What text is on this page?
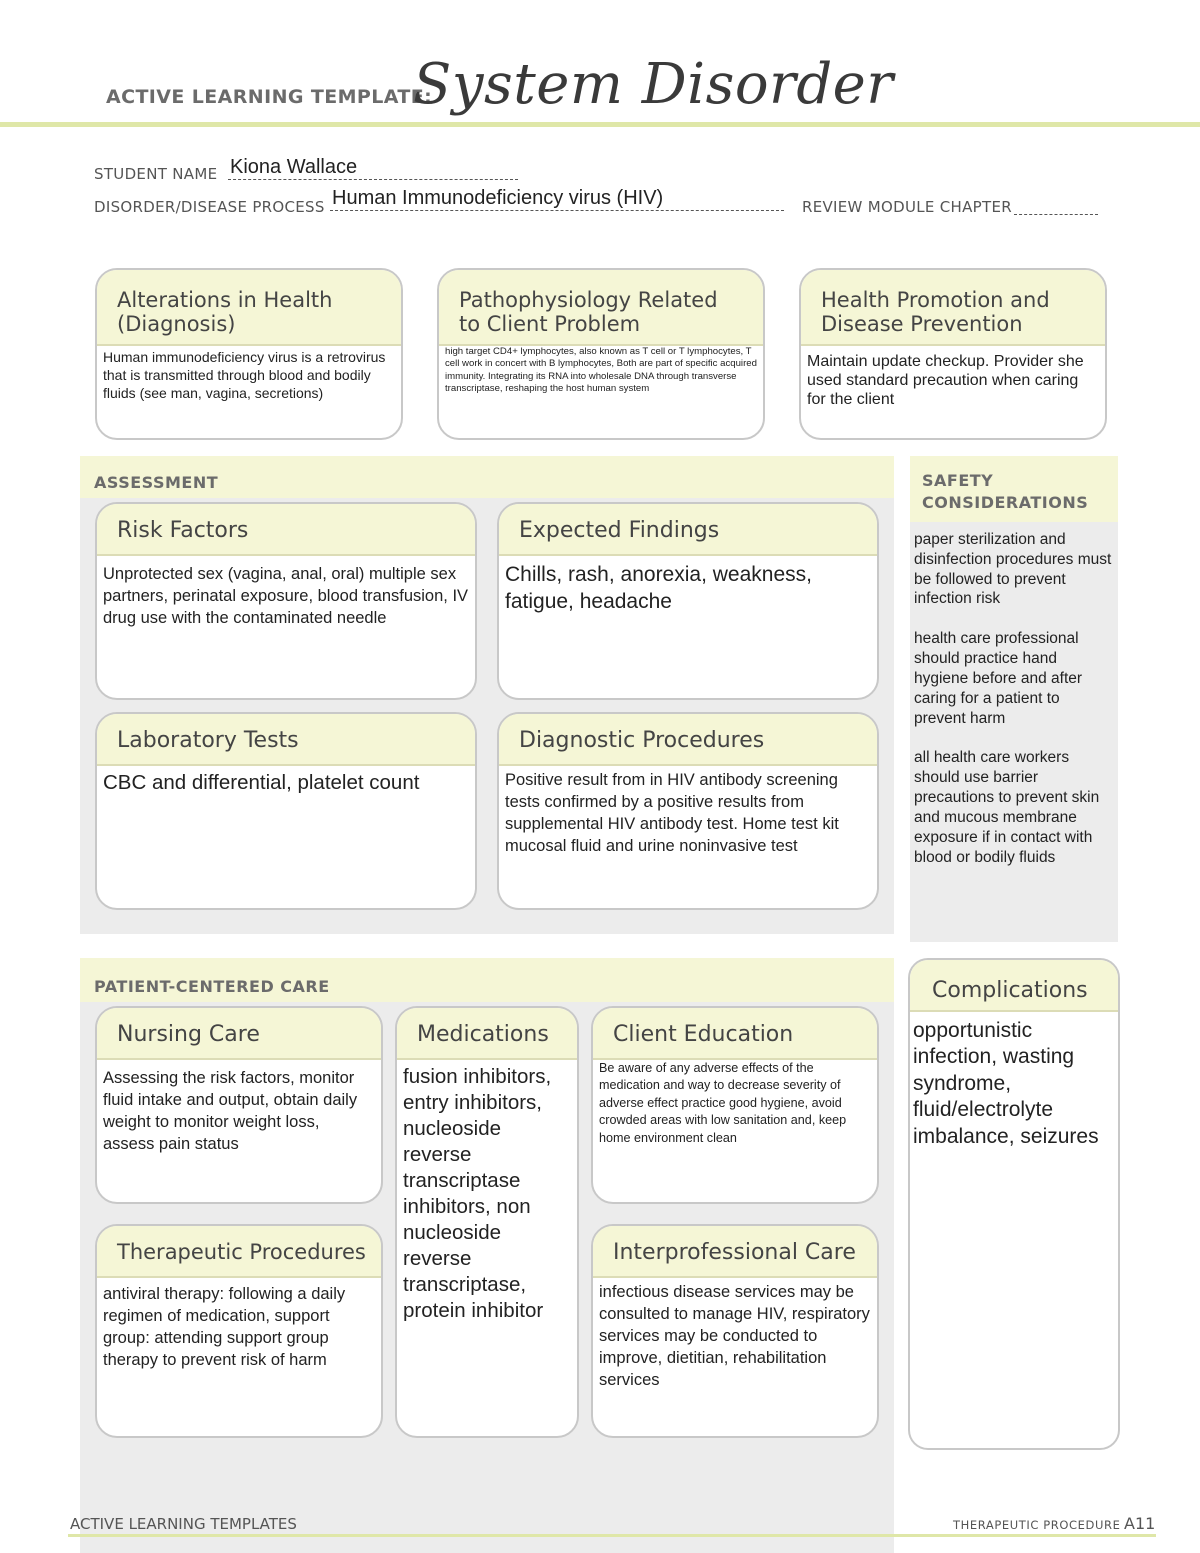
ACTIVE LEARNING TEMPLATE:
System Disorder
STUDENT NAME Kiona Wallace
DISORDER/DISEASE PROCESS Human Immunodeficiency virus (HIV)	REVIEW MODULE CHAPTER
Alterations in Health (Diagnosis)
Human immunodeficiency virus is a retrovirus that is transmitted through blood and bodily fluids (see man, vagina, secretions)
Pathophysiology Related to Client Problem
high target CD4+ lymphocytes, also known as T cell or T lymphocytes, T cell work in concert with B lymphocytes, Both are part of specific acquired immunity. Integrating its RNA into wholesale DNA through transverse transcriptase, reshaping the host human system
Health Promotion and Disease Prevention
Maintain update checkup. Provider she used standard precaution when caring for the client
ASSESSMENT
Risk Factors
Unprotected sex (vagina, anal, oral) multiple sex partners, perinatal exposure, blood transfusion, IV drug use with the contaminated needle
Expected Findings
Chills, rash, anorexia, weakness, fatigue, headache
Laboratory Tests
CBC and differential, platelet count
Diagnostic Procedures
Positive result from in HIV antibody screening tests confirmed by a positive results from supplemental HIV antibody test. Home test kit mucosal fluid and urine noninvasive test
SAFETY CONSIDERATIONS

paper sterilization and disinfection procedures must be followed to prevent infection risk

health care professional should practice hand hygiene before and after caring for a patient to prevent harm

all health care workers should use barrier precautions to prevent skin and mucous membrane exposure if in contact with blood or bodily fluids

PATIENT-CENTERED CARE
Nursing Care
Assessing the risk factors, monitor fluid intake and output, obtain daily weight to monitor weight loss, assess pain status
Medications
fusion inhibitors, entry inhibitors, nucleoside reverse transcriptase inhibitors, non nucleoside reverse transcriptase, protein inhibitor
Client Education
Be aware of any adverse effects of the medication and way to decrease severity of adverse effect practice good hygiene, avoid crowded areas with low sanitation and, keep home environment clean
Therapeutic Procedures
antiviral therapy: following a daily regimen of medication, support group: attending support group therapy to prevent risk of harm
Interprofessional Care
infectious disease services may be consulted to manage HIV, respiratory services may be conducted to improve, dietitian, rehabilitation services
Complications
opportunistic infection, wasting syndrome, fluid/electrolyte imbalance, seizures
ACTIVE LEARNING TEMPLATES	THERAPEUTIC PROCEDURE A11
